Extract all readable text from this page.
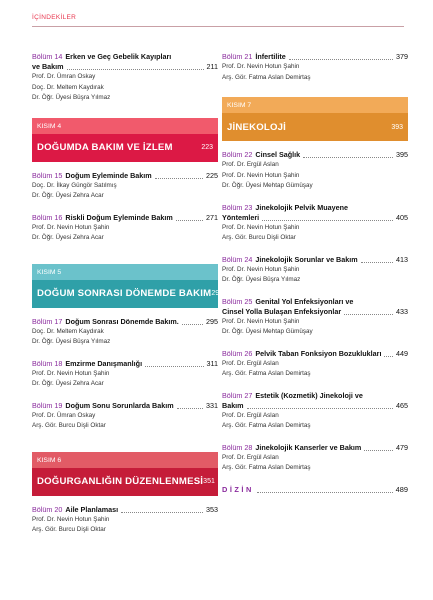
İÇİNDEKİLER
Bölüm 14 Erken ve Geç Gebelik Kayıpları
ve Bakım	211
Prof. Dr. Ümran Oskay
Doç. Dr. Meltem Kaydırak
Dr. Öğr. Üyesi Büşra Yılmaz
KISIM 4
DOĞUMDA BAKIM VE İZLEM	223
Bölüm 15 Doğum Eyleminde Bakım	225
Doç. Dr. İlkay Güngör Satılmış
Dr. Öğr. Üyesi Zehra Acar
Bölüm 16 Riskli Doğum Eyleminde Bakım	271
Prof. Dr. Nevin Hotun Şahin
Dr. Öğr. Üyesi Zehra Acar
KISIM 5
DOĞUM SONRASI DÖNEMDE BAKIM 293
Bölüm 17 Doğum Sonrası Dönemde Bakım.	295
Doç. Dr. Meltem Kaydırak
Dr. Öğr. Üyesi Büşra Yılmaz
Bölüm 18 Emzirme Danışmanlığı	311
Prof. Dr. Nevin Hotun Şahin
Dr. Öğr. Üyesi Zehra Acar
Bölüm 19 Doğum Sonu Sorunlarda Bakım	331
Prof. Dr. Ümran Oskay
Arş. Gör. Burcu Dişli Oktar
KISIM 6
DOĞURGANLIĞIN DÜZENLENMESİ 351
Bölüm 20 Aile Planlaması	353
Prof. Dr. Nevin Hotun Şahin
Arş. Gör. Burcu Dişli Oktar
Bölüm 21 İnfertilite	379
Prof. Dr. Nevin Hotun Şahin
Arş. Gör. Fatma Aslan Demirtaş
KISIM 7
JİNEKOLOJİ	393
Bölüm 22 Cinsel Sağlık	395
Prof. Dr. Ergül Aslan
Prof. Dr. Nevin Hotun Şahin
Dr. Öğr. Üyesi Mehtap Gümüşay
Bölüm 23 Jinekolojik Pelvik Muayene
Yöntemleri	405
Prof. Dr. Nevin Hotun Şahin
Arş. Gör. Burcu Dişli Oktar
Bölüm 24 Jinekolojik Sorunlar ve Bakım	413
Prof. Dr. Nevin Hotun Şahin
Dr. Öğr. Üyesi Büşra Yılmaz
Bölüm 25 Genital Yol Enfeksiyonları ve
Cinsel Yolla Bulaşan Enfeksiyonlar	433
Prof. Dr. Nevin Hotun Şahin
Dr. Öğr. Üyesi Mehtap Gümüşay
Bölüm 26 Pelvik Taban Fonksiyon Bozuklukları 449
Prof. Dr. Ergül Aslan
Arş. Gör. Fatma Aslan Demirtaş
Bölüm 27 Estetik (Kozmetik) Jinekoloji ve
Bakım	465
Prof. Dr. Ergül Aslan
Arş. Gör. Fatma Aslan Demirtaş
Bölüm 28 Jinekolojik Kanserler ve Bakım	479
Prof. Dr. Ergül Aslan
Arş. Gör. Fatma Aslan Demirtaş
DİZİN	489
